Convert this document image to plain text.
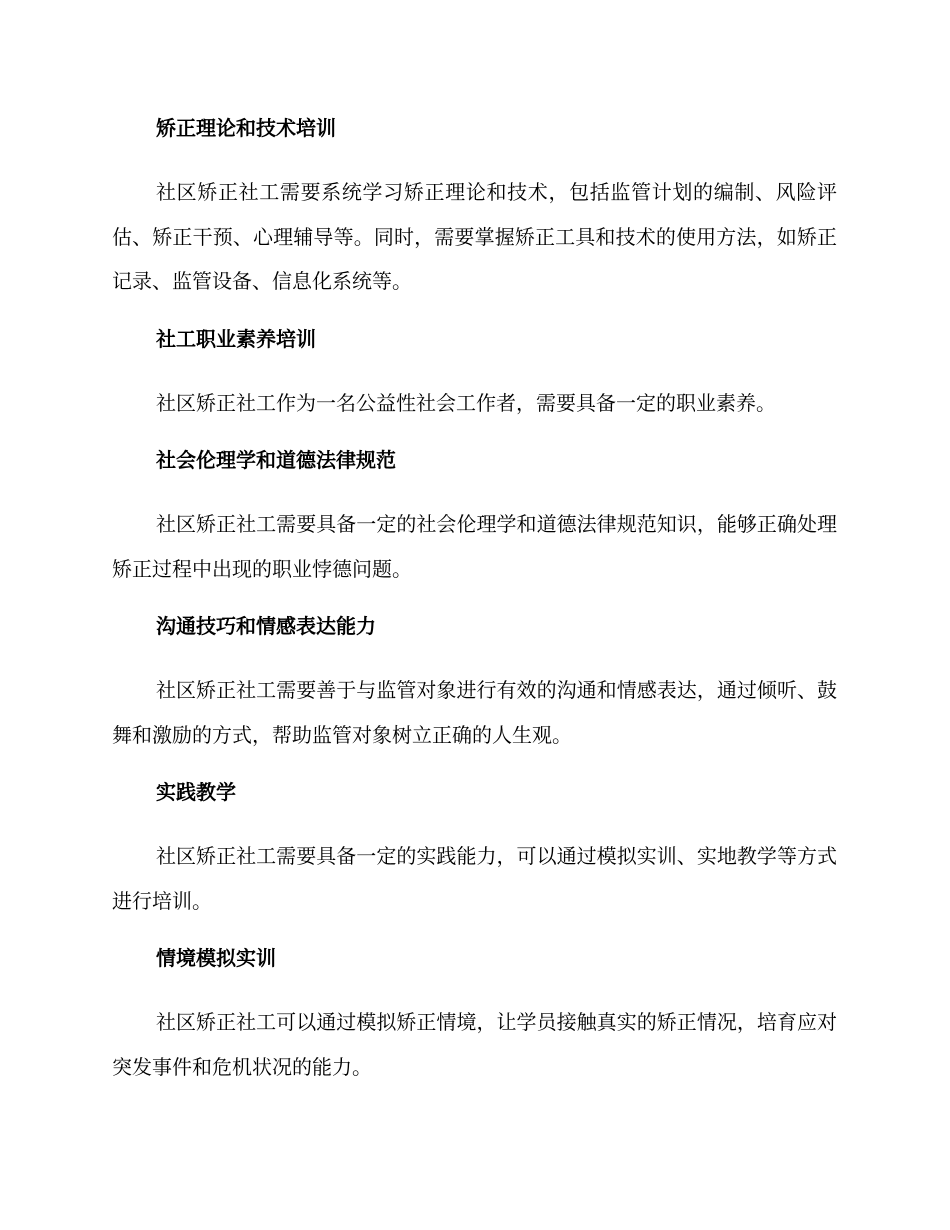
矫正理论和技术培训

社区矫正社工需要系统学习矫正理论和技术，包括监管计划的编制、风险评估、矫正干预、心理辅导等。同时，需要掌握矫正工具和技术的使用方法，如矫正记录、监管设备、信息化系统等。

社工职业素养培训

社区矫正社工作为一名公益性社会工作者，需要具备一定的职业素养。

社会伦理学和道德法律规范

社区矫正社工需要具备一定的社会伦理学和道德法律规范知识，能够正确处理矫正过程中出现的职业悖德问题。

沟通技巧和情感表达能力

社区矫正社工需要善于与监管对象进行有效的沟通和情感表达，通过倾听、鼓舞和激励的方式，帮助监管对象树立正确的人生观。

实践教学

社区矫正社工需要具备一定的实践能力，可以通过模拟实训、实地教学等方式进行培训。

情境模拟实训

社区矫正社工可以通过模拟矫正情境，让学员接触真实的矫正情况，培育应对突发事件和危机状况的能力。
